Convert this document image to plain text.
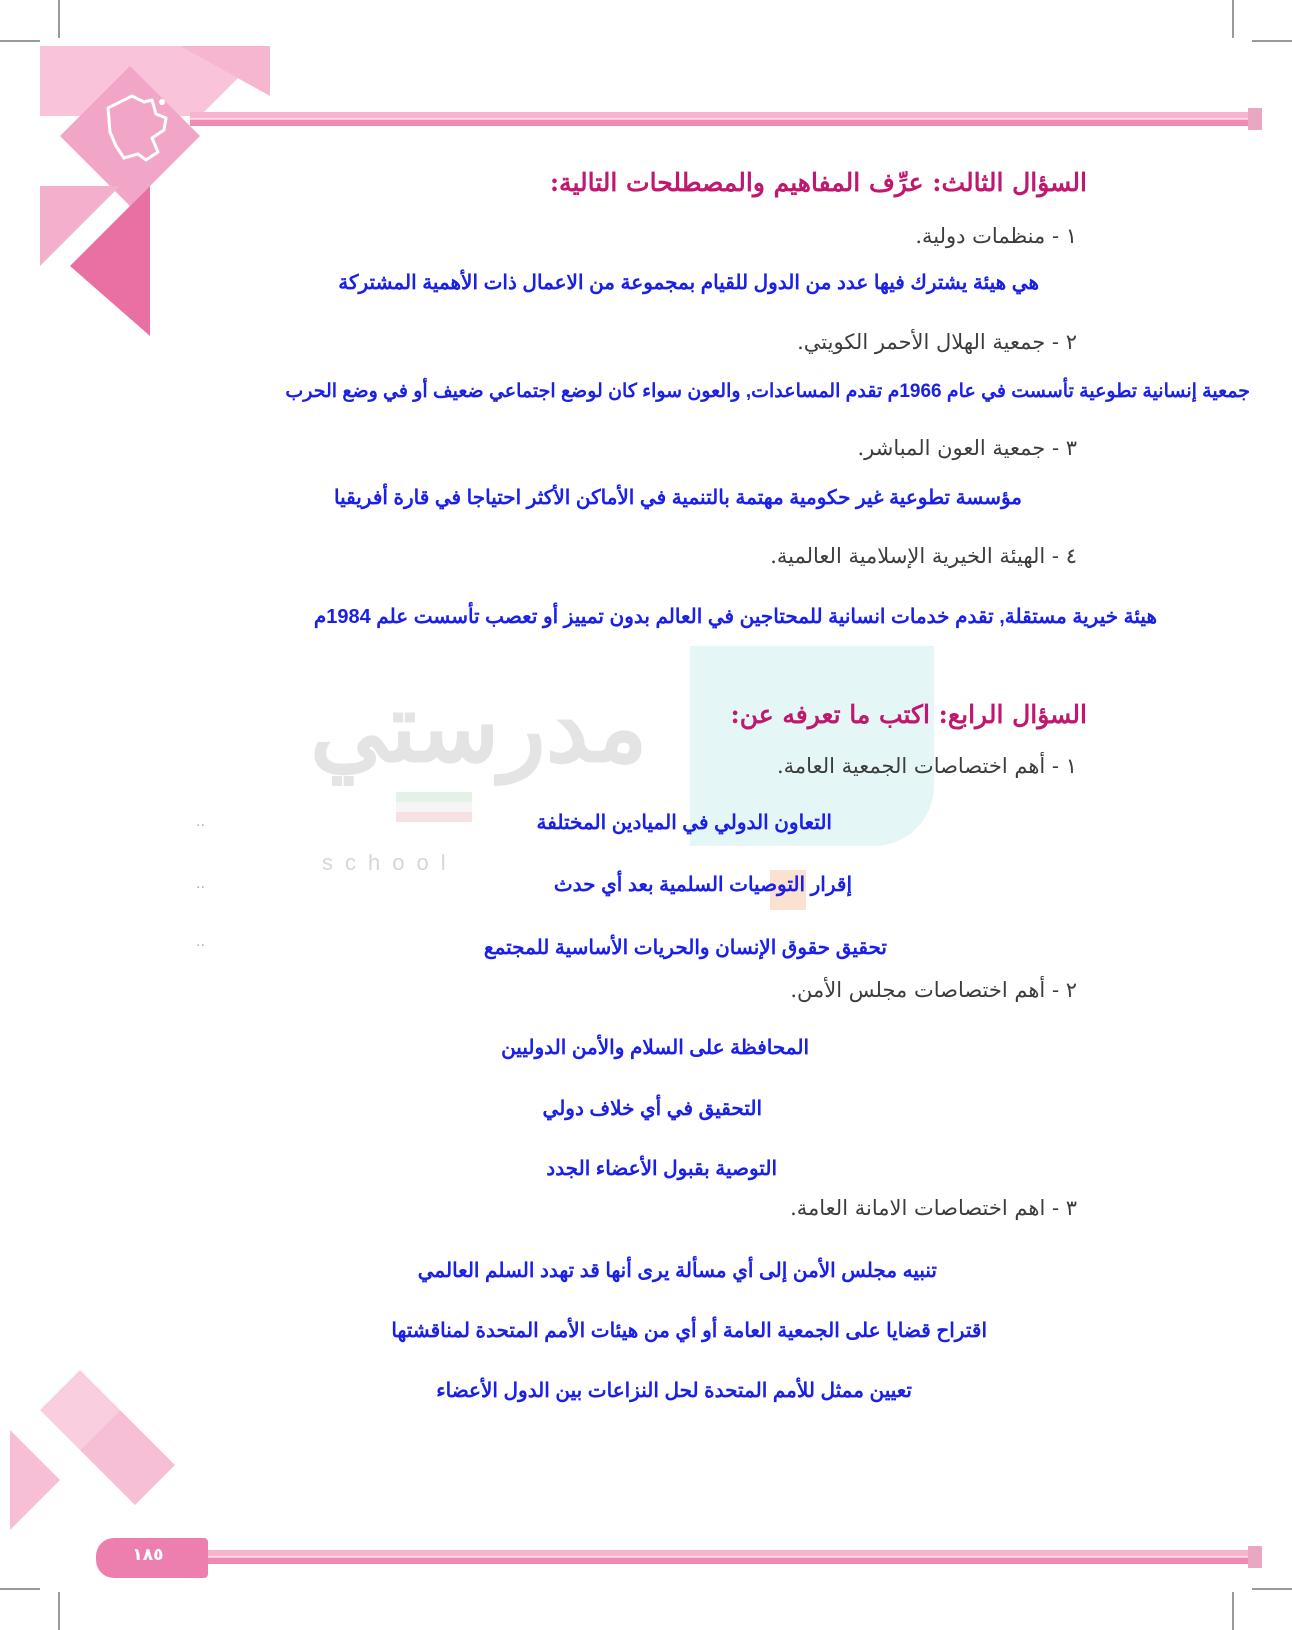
١٨٥
مدرستي
school
السؤال الثالث: عرِّف المفاهيم والمصطلحات التالية:
١ - منظمات دولية.
هي هيئة يشترك فيها عدد من الدول للقيام بمجموعة من الاعمال ذات الأهمية المشتركة
٢ - جمعية الهلال الأحمر الكويتي.
جمعية إنسانية تطوعية تأسست في عام 1966م تقدم المساعدات, والعون سواء كان لوضع اجتماعي ضعيف أو في وضع الحرب
٣ - جمعية العون المباشر.
مؤسسة تطوعية غير حكومية مهتمة بالتنمية في الأماكن الأكثر احتياجا في قارة أفريقيا
٤ - الهيئة الخيرية الإسلامية العالمية.
هيئة خيرية مستقلة, تقدم خدمات انسانية للمحتاجين في العالم بدون تمييز أو تعصب تأسست علم 1984م
السؤال الرابع: اكتب ما تعرفه عن:
١ - أهم اختصاصات الجمعية العامة.
التعاون الدولي في الميادين المختلفة
··
إقرار التوصيات السلمية بعد أي حدث
··
تحقيق حقوق الإنسان والحريات الأساسية للمجتمع
··
٢ - أهم اختصاصات مجلس الأمن.
المحافظة على السلام والأمن الدوليين
التحقيق في أي خلاف دولي
التوصية بقبول الأعضاء الجدد
٣ - اهم اختصاصات الامانة العامة.
تنبيه مجلس الأمن إلى أي مسألة يرى أنها قد تهدد السلم العالمي
اقتراح قضايا على الجمعية العامة أو أي من هيئات الأمم المتحدة لمناقشتها
تعيين ممثل للأمم المتحدة لحل النزاعات بين الدول الأعضاء
